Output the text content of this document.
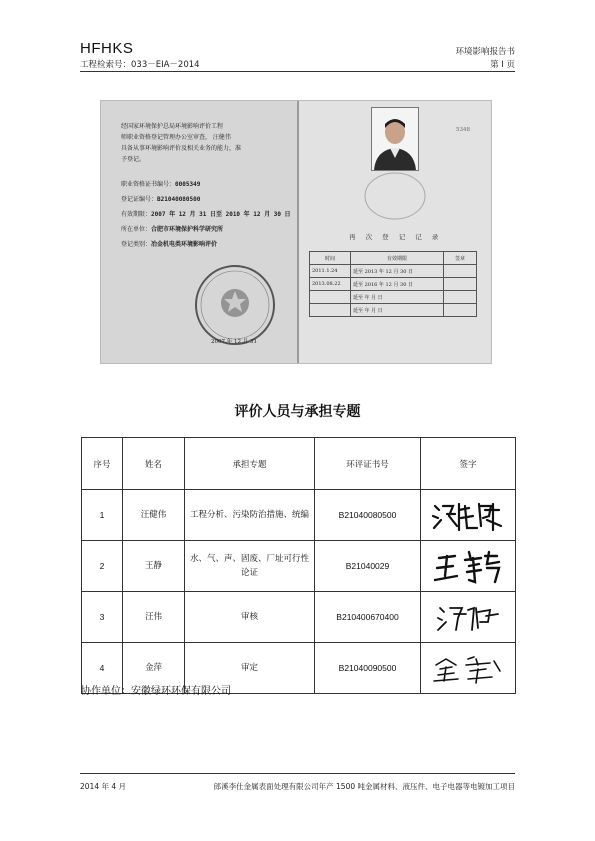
HFHKS
工程检索号：033－EIA－2014
环境影响报告书
第 Ⅰ 页
经国家环境保护总局环境影响评价工程
师职业资格登记管理办公室审查， 汪健伟
具备从事环境影响评价及相关业务的能力，准
予登记。
职业资格证书编号：0005349
登记证编号：B21040080500
有效期限：2007 年 12 月 31 日至 2010 年 12 月 30 日
所在单位：合肥市环境保护科学研究所
登记类别：冶金机电类环境影响评价
2007 年 12 月 31
5348
再 次 登 记 记 录
时间	有效期限	签章
2011.1.24	延至 2013 年 12 月 30 日	
2013.08.22	延至 2016 年 12 月 30 日	
	延至 年 月 日	
	延至 年 月 日	
评价人员与承担专题
序号	姓名	承担专题	环评证书号	签字
1	汪健伟	工程分析、污染防治措施、统编	B21040080500	

2	王静	水、气、声、固废、厂址可行性论证	B21040029	

3	汪伟	审核	B210400670400	

4	金萍	审定	B21040090500	
协作单位：安徽绿环环保有限公司
2014 年 4 月	郎溪李仕金属表面处理有限公司年产 1500 吨金属材料、液压件、电子电器等电镀加工项目
